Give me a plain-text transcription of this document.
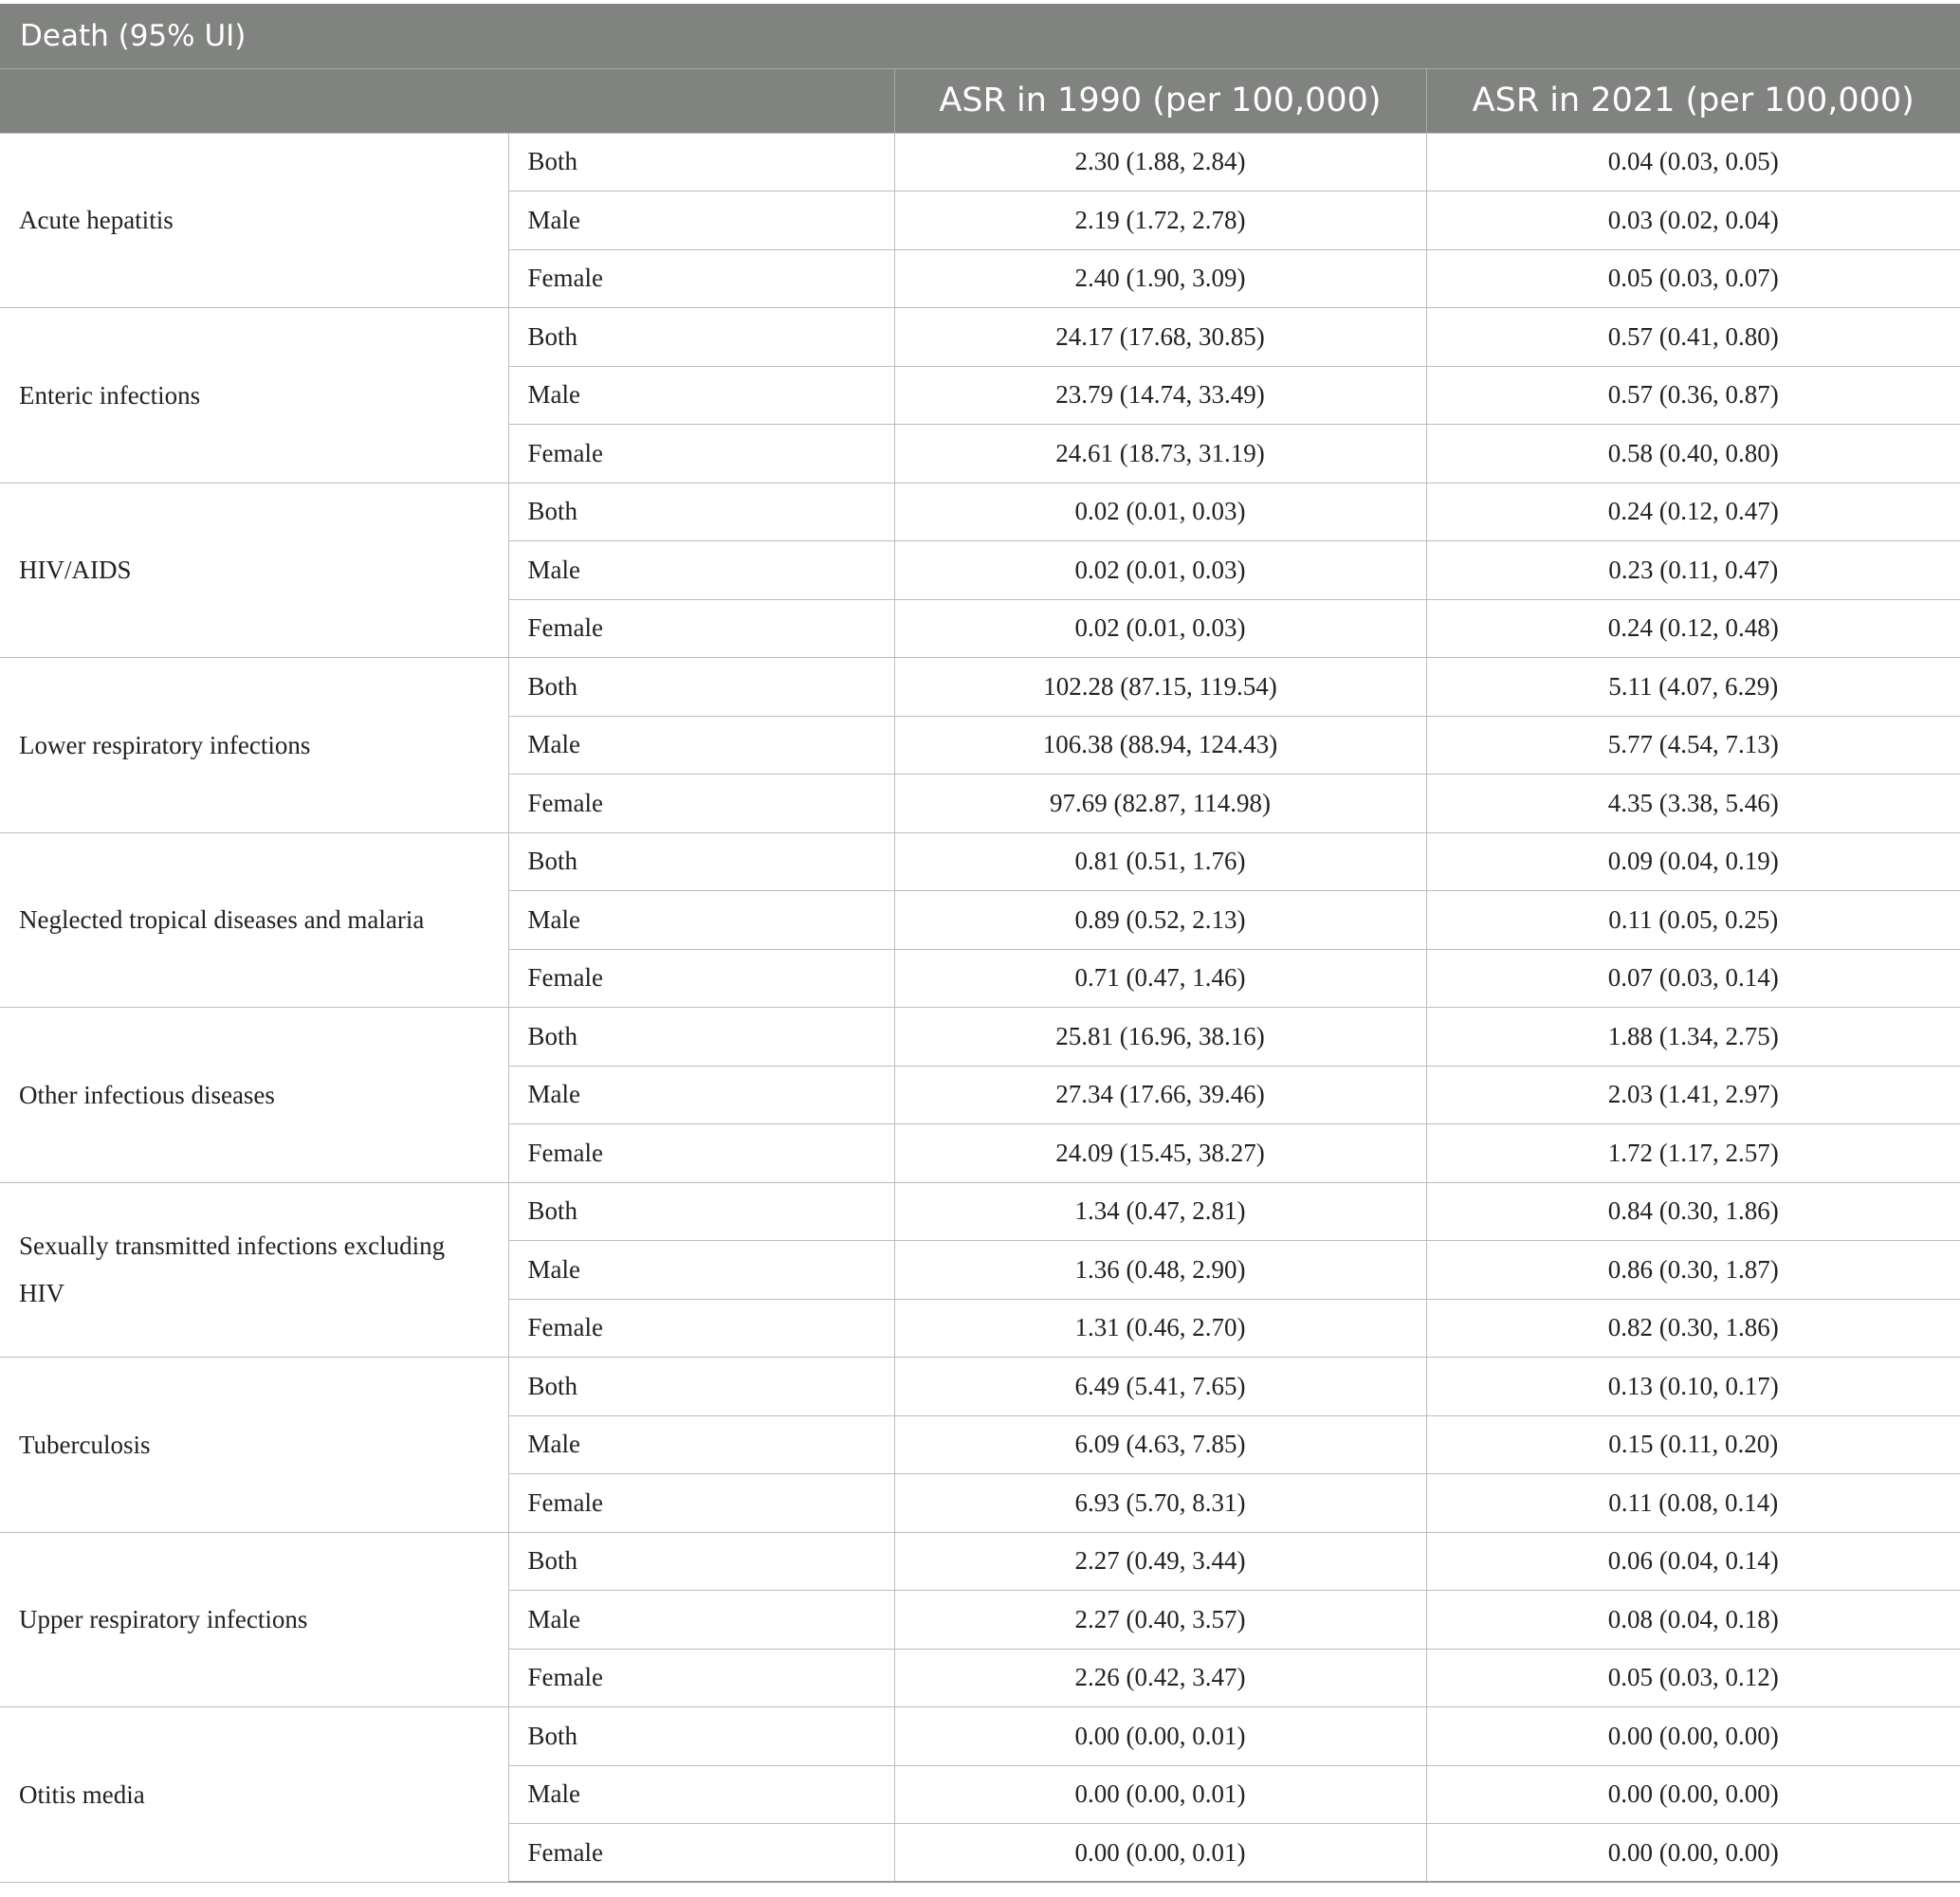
Death (95% UI)			
		ASR in 1990 (per 100,000)	ASR in 2021 (per 100,000)
Acute hepatitis	Both	2.30 (1.88, 2.84)	0.04 (0.03, 0.05)
	Male	2.19 (1.72, 2.78)	0.03 (0.02, 0.04)
	Female	2.40 (1.90, 3.09)	0.05 (0.03, 0.07)
Enteric infections	Both	24.17 (17.68, 30.85)	0.57 (0.41, 0.80)
	Male	23.79 (14.74, 33.49)	0.57 (0.36, 0.87)
	Female	24.61 (18.73, 31.19)	0.58 (0.40, 0.80)
HIV/AIDS	Both	0.02 (0.01, 0.03)	0.24 (0.12, 0.47)
	Male	0.02 (0.01, 0.03)	0.23 (0.11, 0.47)
	Female	0.02 (0.01, 0.03)	0.24 (0.12, 0.48)
Lower respiratory infections	Both	102.28 (87.15, 119.54)	5.11 (4.07, 6.29)
	Male	106.38 (88.94, 124.43)	5.77 (4.54, 7.13)
	Female	97.69 (82.87, 114.98)	4.35 (3.38, 5.46)
Neglected tropical diseases and malaria	Both	0.81 (0.51, 1.76)	0.09 (0.04, 0.19)
	Male	0.89 (0.52, 2.13)	0.11 (0.05, 0.25)
	Female	0.71 (0.47, 1.46)	0.07 (0.03, 0.14)
Other infectious diseases	Both	25.81 (16.96, 38.16)	1.88 (1.34, 2.75)
	Male	27.34 (17.66, 39.46)	2.03 (1.41, 2.97)
	Female	24.09 (15.45, 38.27)	1.72 (1.17, 2.57)
Sexually transmitted infections excluding HIV	Both	1.34 (0.47, 2.81)	0.84 (0.30, 1.86)
	Male	1.36 (0.48, 2.90)	0.86 (0.30, 1.87)
	Female	1.31 (0.46, 2.70)	0.82 (0.30, 1.86)
Tuberculosis	Both	6.49 (5.41, 7.65)	0.13 (0.10, 0.17)
	Male	6.09 (4.63, 7.85)	0.15 (0.11, 0.20)
	Female	6.93 (5.70, 8.31)	0.11 (0.08, 0.14)
Upper respiratory infections	Both	2.27 (0.49, 3.44)	0.06 (0.04, 0.14)
	Male	2.27 (0.40, 3.57)	0.08 (0.04, 0.18)
	Female	2.26 (0.42, 3.47)	0.05 (0.03, 0.12)
Otitis media	Both	0.00 (0.00, 0.01)	0.00 (0.00, 0.00)
	Male	0.00 (0.00, 0.01)	0.00 (0.00, 0.00)
	Female	0.00 (0.00, 0.01)	0.00 (0.00, 0.00)
